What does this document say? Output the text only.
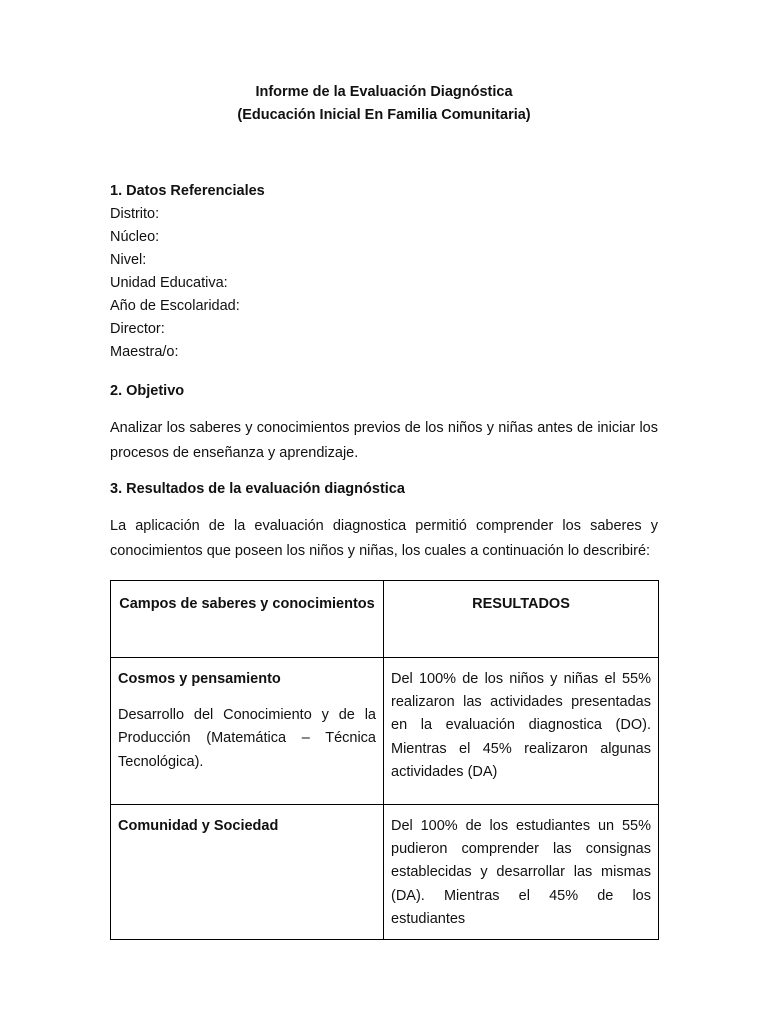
Informe de la Evaluación Diagnóstica
(Educación Inicial En Familia Comunitaria)
1. Datos Referenciales
Distrito:
Núcleo:
Nivel:
Unidad Educativa:
Año de Escolaridad:
Director:
Maestra/o:
2. Objetivo
Analizar los saberes y conocimientos previos de los niños y niñas antes de iniciar los procesos de enseñanza y aprendizaje.
3. Resultados de la evaluación diagnóstica
La aplicación de la evaluación diagnostica permitió comprender los saberes y conocimientos que poseen los niños y niñas, los cuales a continuación lo describiré:
Campos de saberes y conocimientos	RESULTADOS

Cosmos y pensamiento
Desarrollo del Conocimiento y de la Producción (Matemática – Técnica Tecnológica).	Del 100% de los niños y niñas el 55% realizaron las actividades presentadas en la evaluación diagnostica (DO). Mientras el 45% realizaron algunas actividades (DA)

Comunidad y Sociedad	Del 100% de los estudiantes un 55% pudieron comprender las consignas establecidas y desarrollar las mismas (DA). Mientras el 45% de los estudiantes
